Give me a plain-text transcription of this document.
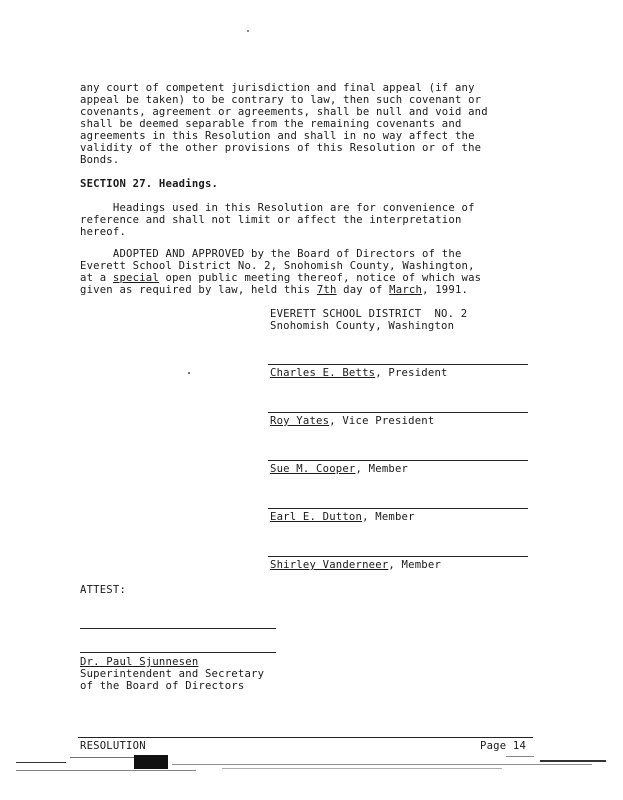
any court of competent jurisdiction and final appeal (if any
appeal be taken) to be contrary to law, then such covenant or
covenants, agreement or agreements, shall be null and void and
shall be deemed separable from the remaining covenants and
agreements in this Resolution and shall in no way affect the
validity of the other provisions of this Resolution or of the
Bonds.
SECTION 27. Headings.
Headings used in this Resolution are for convenience of
reference and shall not limit or affect the interpretation
hereof.
ADOPTED AND APPROVED by the Board of Directors of the
Everett School District No. 2, Snohomish County, Washington,
at a special open public meeting thereof, notice of which was
given as required by law, held this 7th day of March, 1991.
EVERETT SCHOOL DISTRICT  NO. 2
Snohomish County, Washington
Charles E. Betts, President
Roy Yates, Vice President
Sue M. Cooper, Member
Earl E. Dutton, Member
Shirley Vanderneer, Member
ATTEST:
Dr. Paul Sjunnesen
Superintendent and Secretary
of the Board of Directors
RESOLUTION	Page 14
